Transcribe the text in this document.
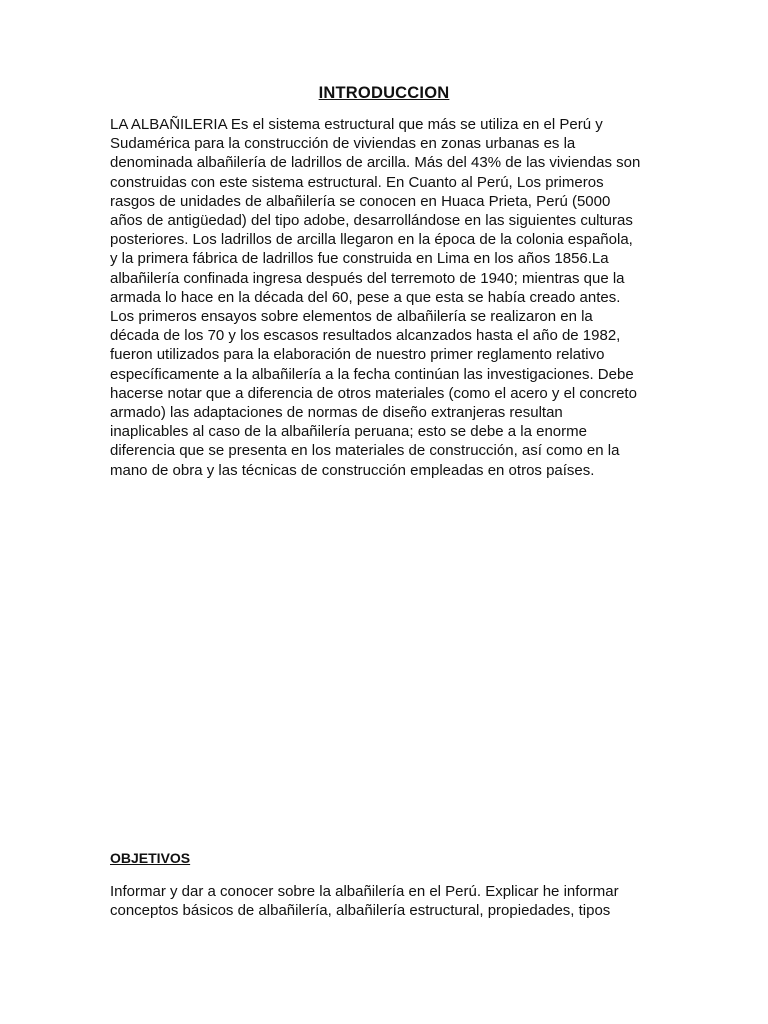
INTRODUCCION
LA ALBAÑILERIA Es el sistema estructural que más se utiliza en el Perú y
Sudamérica para la construcción de viviendas en zonas urbanas es la
denominada albañilería de ladrillos de arcilla. Más del 43% de las viviendas son
construidas con este sistema estructural. En Cuanto al Perú, Los primeros
rasgos de unidades de albañilería se conocen en Huaca Prieta, Perú (5000
años de antigüedad) del tipo adobe, desarrollándose en las siguientes culturas
posteriores. Los ladrillos de arcilla llegaron en la época de la colonia española,
y la primera fábrica de ladrillos fue construida en Lima en los años 1856.La
albañilería confinada ingresa después del terremoto de 1940; mientras que la
armada lo hace en la década del 60, pese a que esta se había creado antes.
Los primeros ensayos sobre elementos de albañilería se realizaron en la
década de los 70 y los escasos resultados alcanzados hasta el año de 1982,
fueron utilizados para la elaboración de nuestro primer reglamento relativo
específicamente a la albañilería a la fecha continúan las investigaciones. Debe
hacerse notar que a diferencia de otros materiales (como el acero y el concreto
armado) las adaptaciones de normas de diseño extranjeras resultan
inaplicables al caso de la albañilería peruana; esto se debe a la enorme
diferencia que se presenta en los materiales de construcción, así como en la
mano de obra y las técnicas de construcción empleadas en otros países.
OBJETIVOS
Informar y dar a conocer sobre la albañilería en el Perú. Explicar he informar
conceptos básicos de albañilería, albañilería estructural, propiedades, tipos
